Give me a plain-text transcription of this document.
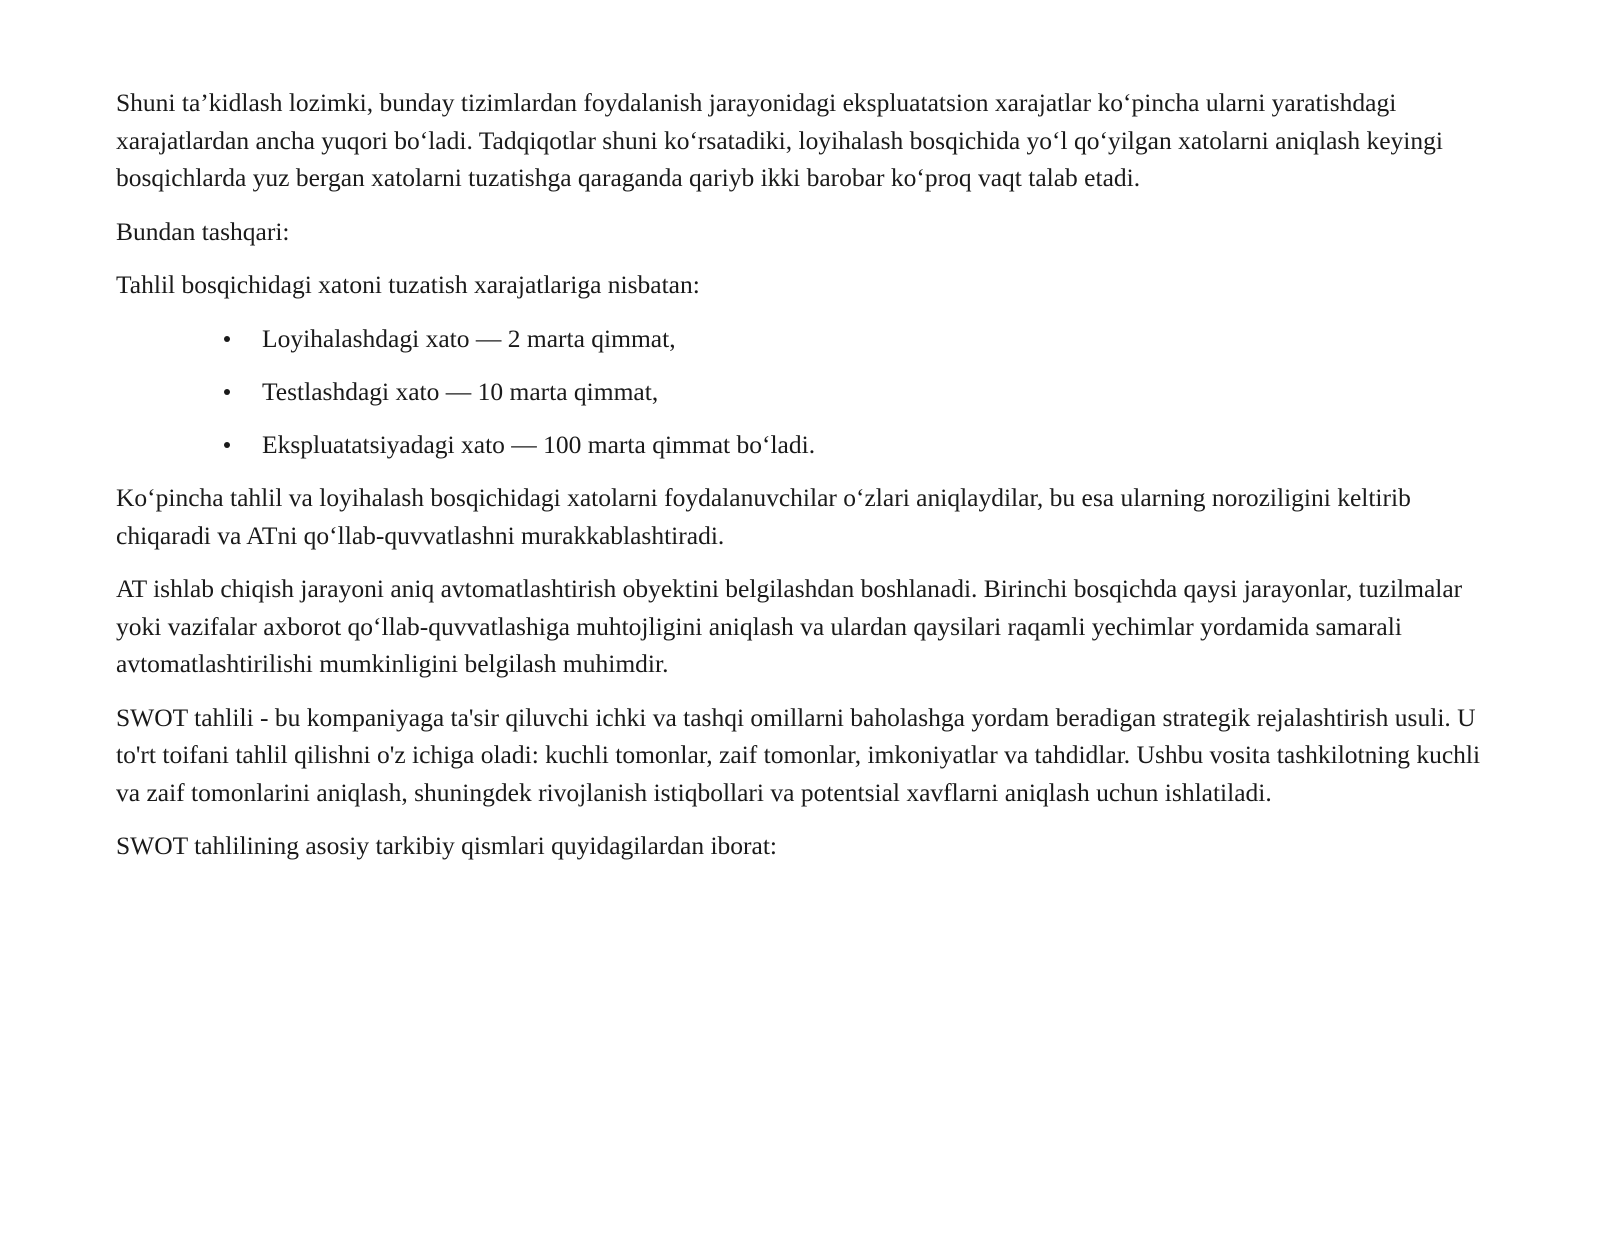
Shuni ta’kidlash lozimki, bunday tizimlardan foydalanish jarayonidagi ekspluatatsion xarajatlar ko‘pincha ularni yaratishdagi xarajatlardan ancha yuqori bo‘ladi. Tadqiqotlar shuni ko‘rsatadiki, loyihalash bosqichida yo‘l qo‘yilgan xatolarni aniqlash keyingi bosqichlarda yuz bergan xatolarni tuzatishga qaraganda qariyb ikki barobar ko‘proq vaqt talab etadi.

Bundan tashqari:

Tahlil bosqichidagi xatoni tuzatish xarajatlariga nisbatan:

Loyihalashdagi xato — 2 marta qimmat,
Testlashdagi xato — 10 marta qimmat,
Ekspluatatsiyadagi xato — 100 marta qimmat bo‘ladi.

Ko‘pincha tahlil va loyihalash bosqichidagi xatolarni foydalanuvchilar o‘zlari aniqlaydilar, bu esa ularning noroziligini keltirib chiqaradi va ATni qo‘llab-quvvatlashni murakkablashtiradi.

AT ishlab chiqish jarayoni aniq avtomatlashtirish obyektini belgilashdan boshlanadi. Birinchi bosqichda qaysi jarayonlar, tuzilmalar yoki vazifalar axborot qo‘llab-quvvatlashiga muhtojligini aniqlash va ulardan qaysilari raqamli yechimlar yordamida samarali avtomatlashtirilishi mumkinligini belgilash muhimdir.

SWOT tahlili - bu kompaniyaga ta'sir qiluvchi ichki va tashqi omillarni baholashga yordam beradigan strategik rejalashtirish usuli. U to'rt toifani tahlil qilishni o'z ichiga oladi: kuchli tomonlar, zaif tomonlar, imkoniyatlar va tahdidlar. Ushbu vosita tashkilotning kuchli va zaif tomonlarini aniqlash, shuningdek rivojlanish istiqbollari va potentsial xavflarni aniqlash uchun ishlatiladi.

SWOT tahlilining asosiy tarkibiy qismlari quyidagilardan iborat:
